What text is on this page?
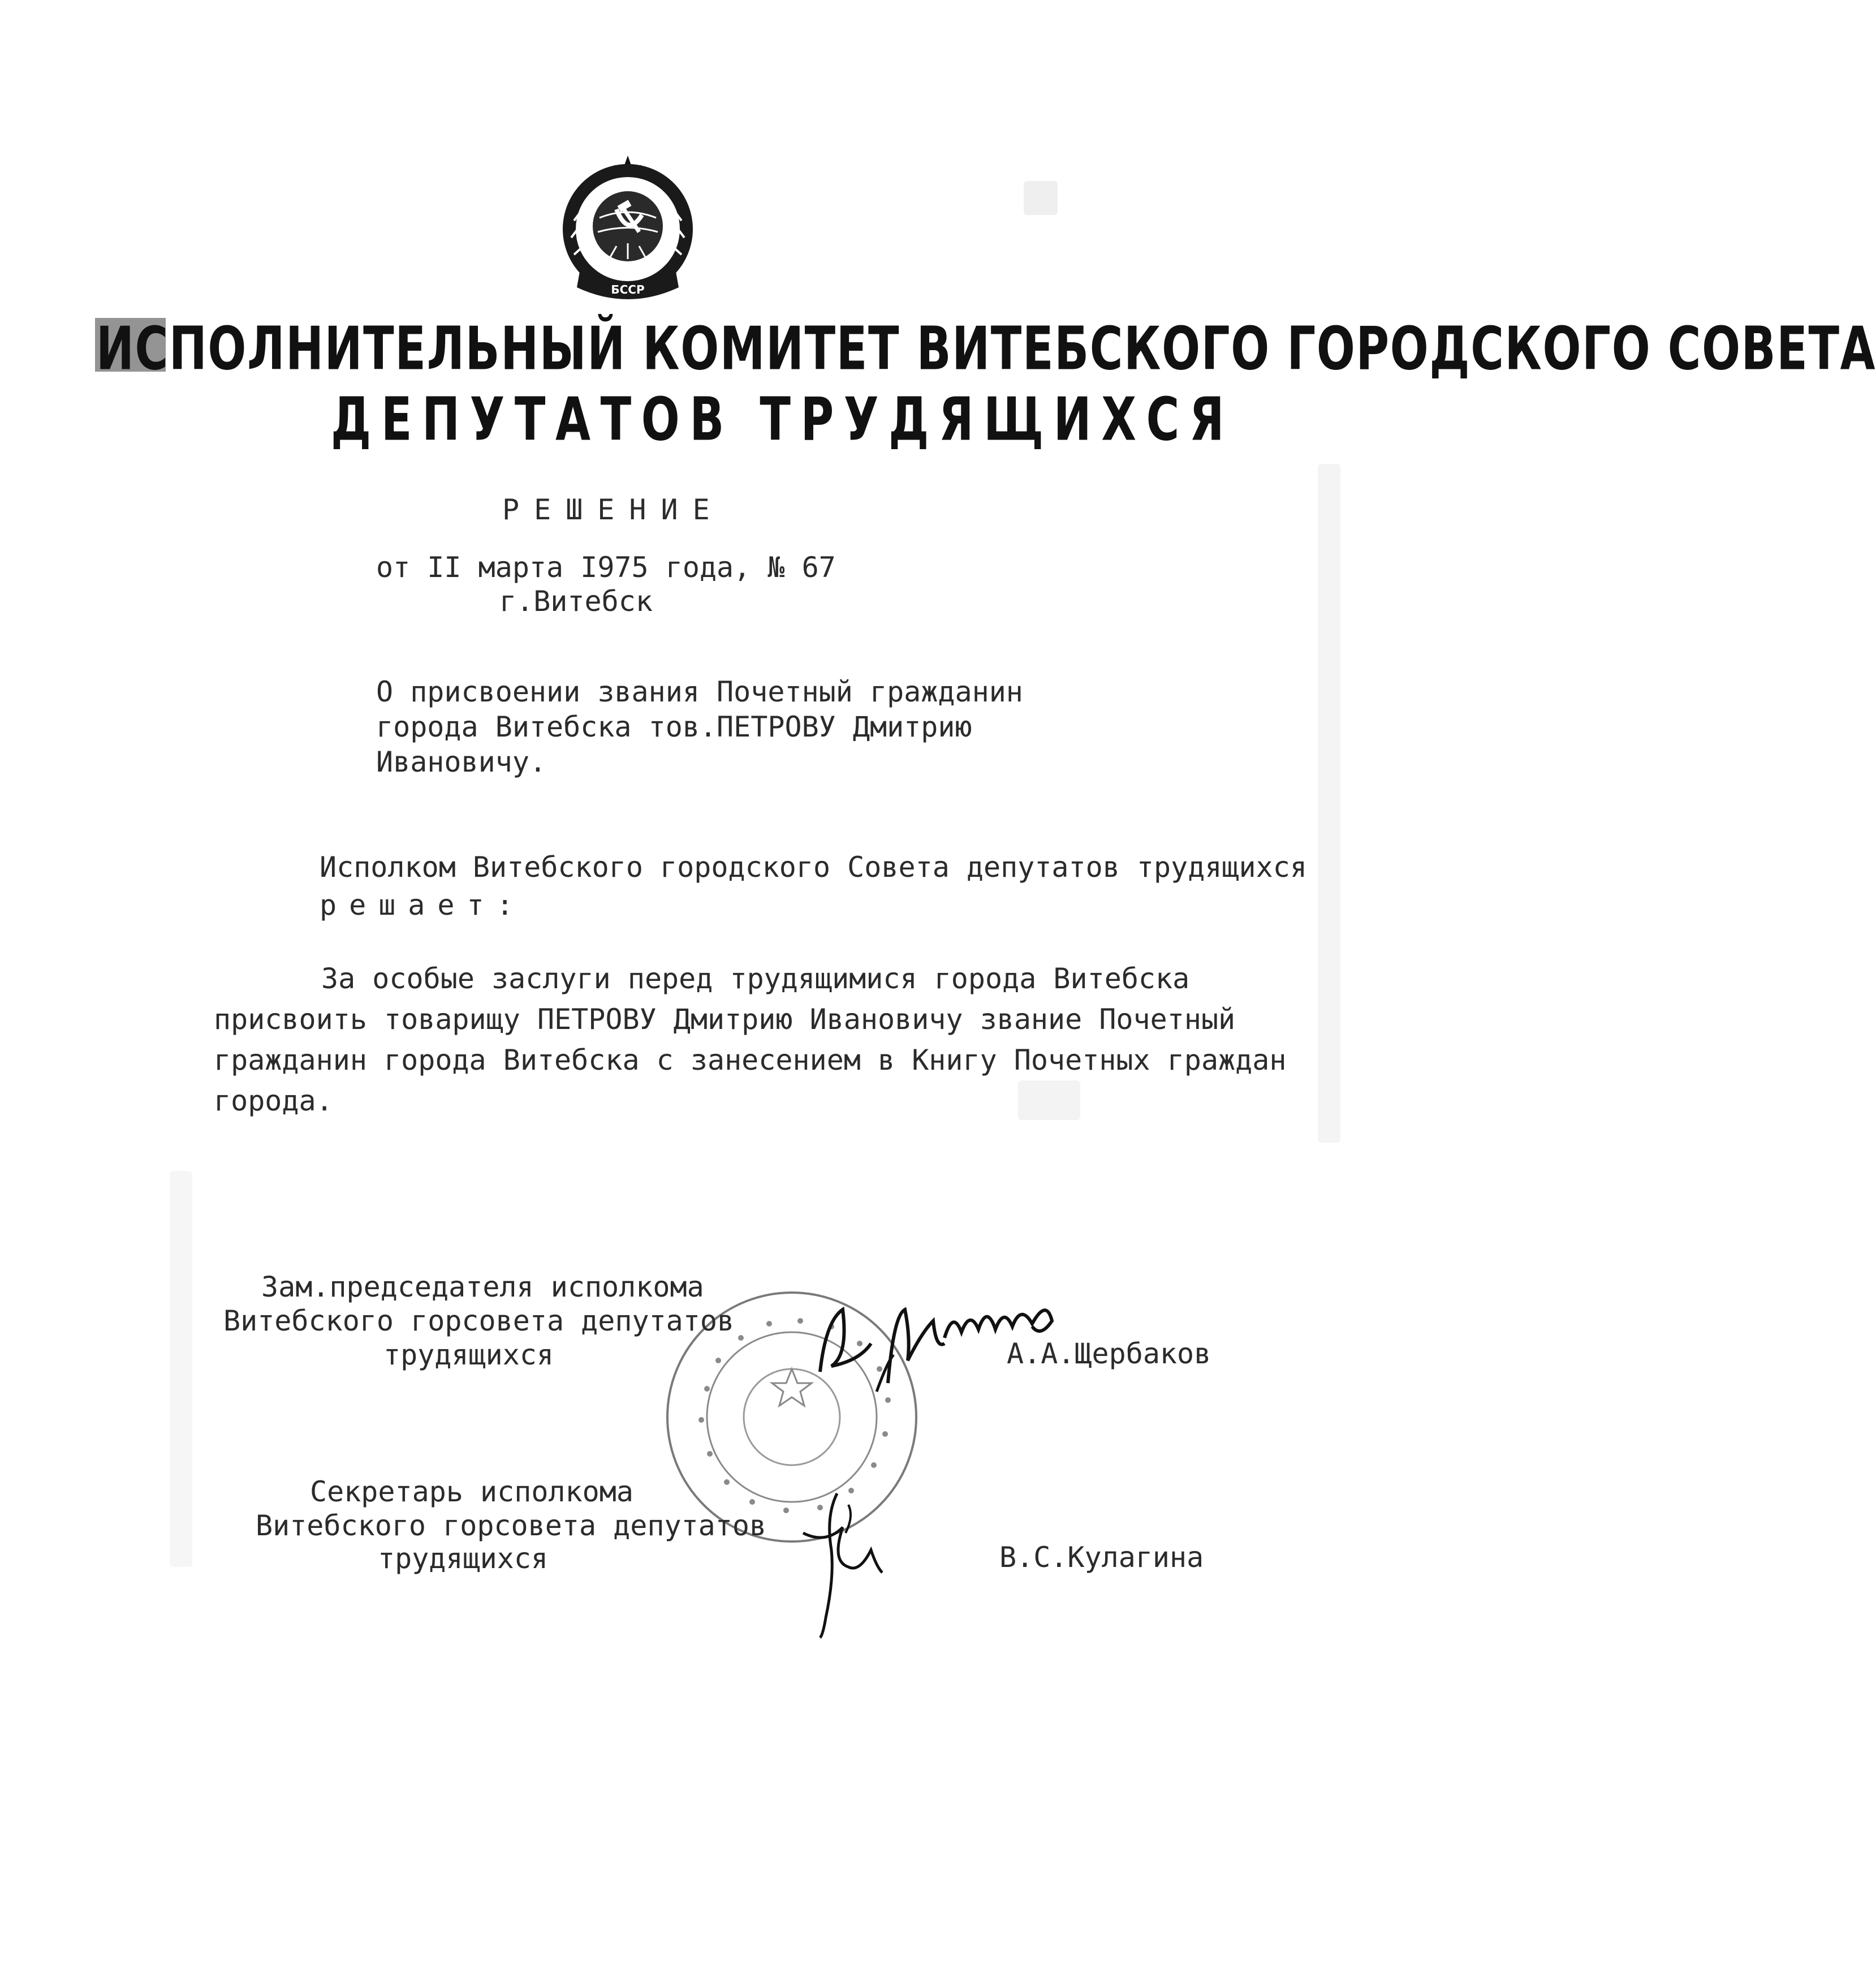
БССР
ИСПОЛНИТЕЛЬНЫЙ КОМИТЕТ ВИТЕБСКОГО ГОРОДСКОГО СОВЕТА
ДЕПУТАТОВ ТРУДЯЩИХСЯ
РЕШЕНИЕ
от II марта I975 года, № 67
г.Витебск
О присвоении звания Почетный гражданин
города Витебска тов.ПЕТРОВУ Дмитрию
Ивановичу.
Исполком Витебского городского Совета депутатов трудящихся
решает:
За особые заслуги перед трудящимися города Витебска
присвоить товарищу ПЕТРОВУ Дмитрию Ивановичу звание Почетный
гражданин города Витебска с занесением в Книгу Почетных граждан
города.
Зам.председателя исполкома
Витебского горсовета депутатов
трудящихся	А.А.Щербаков
Секретарь исполкома
Витебского горсовета депутатов
трудящихся	В.С.Кулагина
